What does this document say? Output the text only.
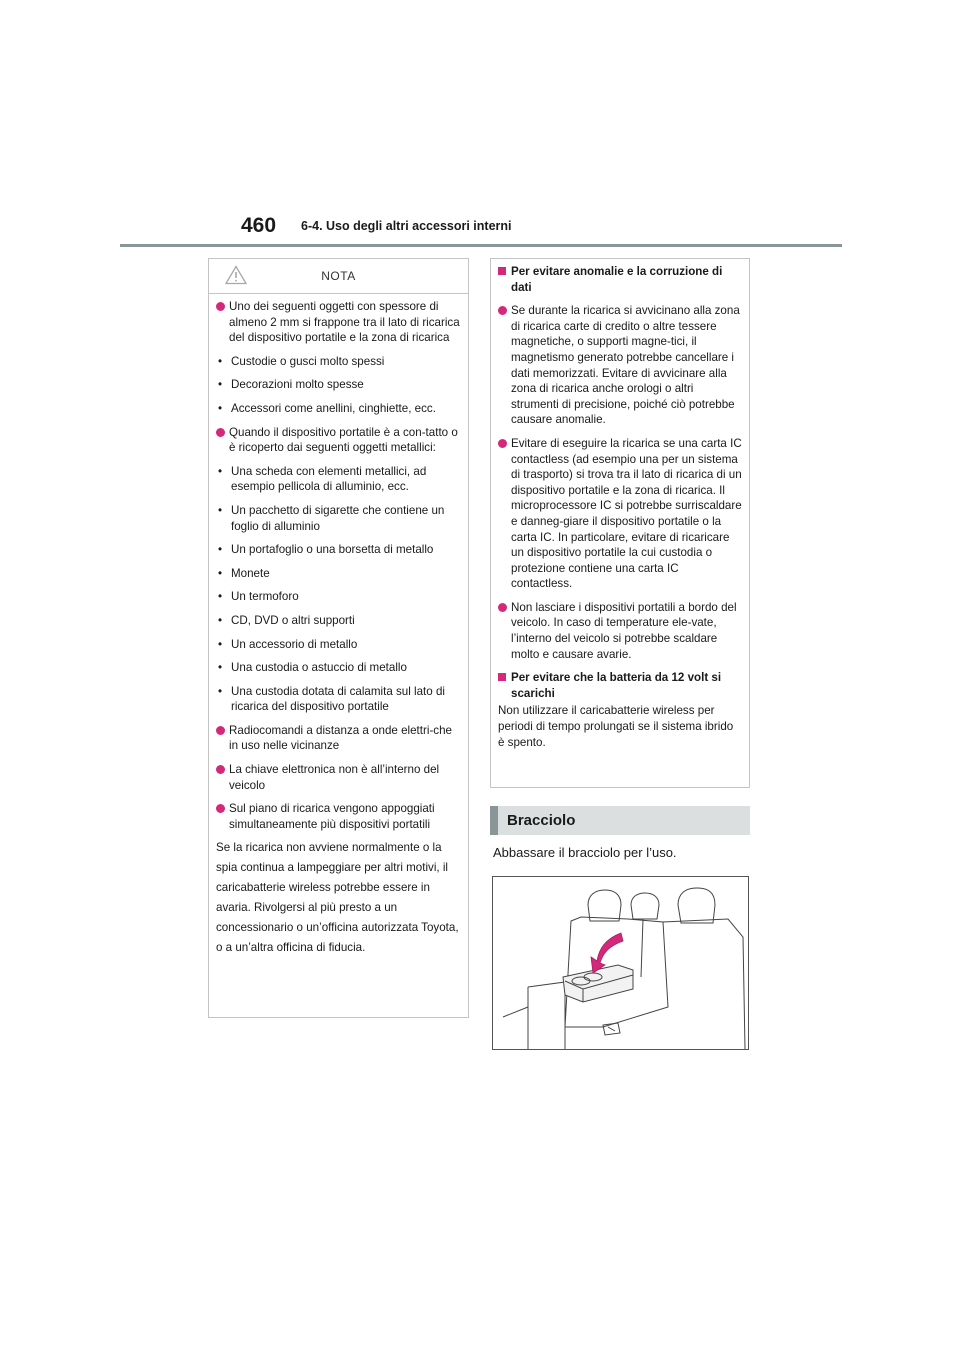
460 6-4. Uso degli altri accessori interni
NOTA
Uno dei seguenti oggetti con spessore di almeno 2 mm si frappone tra il lato di ricarica del dispositivo portatile e la zona di ricarica
• Custodie o gusci molto spessi
• Decorazioni molto spesse
• Accessori come anellini, cinghiette, ecc.
Quando il dispositivo portatile è a con-tatto o è ricoperto dai seguenti oggetti metallici:
• Una scheda con elementi metallici, ad esempio pellicola di alluminio, ecc.
• Un pacchetto di sigarette che contiene un foglio di alluminio
• Un portafoglio o una borsetta di metallo
• Monete
• Un termoforo
• CD, DVD o altri supporti
• Un accessorio di metallo
• Una custodia o astuccio di metallo
• Una custodia dotata di calamita sul lato di ricarica del dispositivo portatile
Radiocomandi a distanza a onde elettri-che in uso nelle vicinanze
La chiave elettronica non è all’interno del veicolo
Sul piano di ricarica vengono appoggiati simultaneamente più dispositivi portatili
Se la ricarica non avviene normalmente o la spia continua a lampeggiare per altri motivi, il caricabatterie wireless potrebbe essere in avaria. Rivolgersi al più presto a un concessionario o un’officina autorizzata Toyota, o a un’altra officina di fiducia.
Per evitare anomalie e la corruzione di dati
Se durante la ricarica si avvicinano alla zona di ricarica carte di credito o altre tessere magnetiche, o supporti magne-tici, il magnetismo generato potrebbe cancellare i dati memorizzati. Evitare di avvicinare alla zona di ricarica anche orologi o altri strumenti di precisione, poiché ciò potrebbe causare anomalie.
Evitare di eseguire la ricarica se una carta IC contactless (ad esempio una per un sistema di trasporto) si trova tra il lato di ricarica di un dispositivo portatile e la zona di ricarica. Il microprocessore IC si potrebbe surriscaldare e danneg-giare il dispositivo portatile o la carta IC. In particolare, evitare di ricaricare un dispositivo portatile la cui custodia o protezione contiene una carta IC contactless.
Non lasciare i dispositivi portatili a bordo del veicolo. In caso di temperature ele-vate, l’interno del veicolo si potrebbe scaldare molto e causare avarie.
Per evitare che la batteria da 12 volt si scarichi
Non utilizzare il caricabatterie wireless per periodi di tempo prolungati se il sistema ibrido è spento.
Bracciolo
Abbassare il bracciolo per l’uso.
